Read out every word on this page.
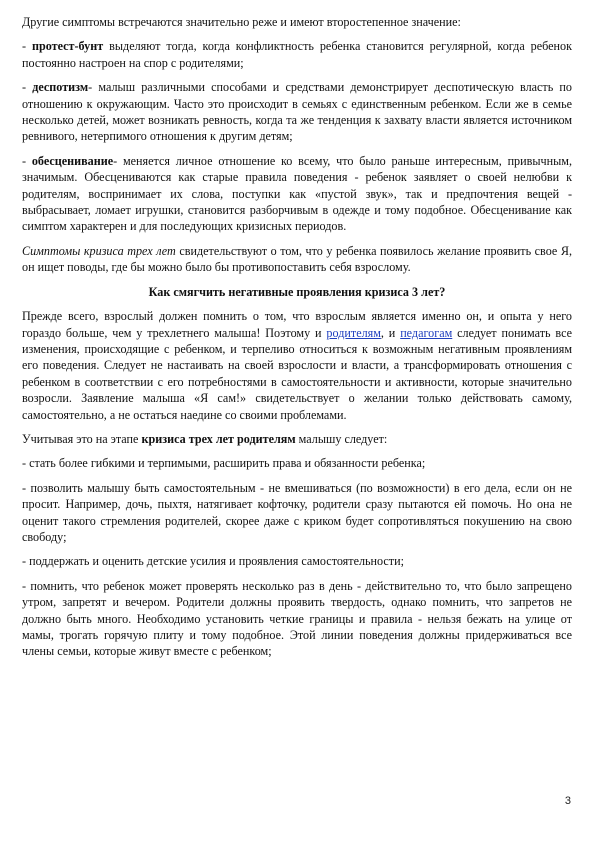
Другие симптомы встречаются значительно реже и имеют второстепенное значение:

- протест-бунт выделяют тогда, когда конфликтность ребенка становится регулярной, когда ребенок постоянно настроен на спор с родителями;

- деспотизм- малыш различными способами и средствами демонстрирует деспотическую власть по отношению к окружающим. Часто это происходит в семьях с единственным ребенком. Если же в семье несколько детей, может возникать ревность, когда та же тенденция к захвату власти является источником ревнивого, нетерпимого отношения к другим детям;

- обесценивание- меняется личное отношение ко всему, что было раньше интересным, привычным, значимым. Обесцениваются как старые правила поведения - ребенок заявляет о своей нелюбви к родителям, воспринимает их слова, поступки как «пустой звук», так и предпочтения вещей - выбрасывает, ломает игрушки, становится разборчивым в одежде и тому подобное. Обесценивание как симптом характерен и для последующих кризисных периодов.

Симптомы кризиса трех лет свидетельствуют о том, что у ребенка появилось желание проявить свое Я, он ищет поводы, где бы можно было бы противопоставить себя взрослому.

Как смягчить негативные проявления кризиса 3 лет?

Прежде всего, взрослый должен помнить о том, что взрослым является именно он, и опыта у него гораздо больше, чем у трехлетнего малыша! Поэтому и родителям, и педагогам следует понимать все изменения, происходящие с ребенком, и терпеливо относиться к возможным негативным проявлениям его поведения. Следует не настаивать на своей взрослости и власти, а трансформировать отношения с ребенком в соответствии с его потребностями в самостоятельности и активности, которые значительно возросли. Заявление малыша «Я сам!» свидетельствует о желании только действовать самому, самостоятельно, а не остаться наедине со своими проблемами.

Учитывая это на этапе кризиса трех лет родителям малышу следует:

- стать более гибкими и терпимыми, расширить права и обязанности ребенка;

- позволить малышу быть самостоятельным - не вмешиваться (по возможности) в его дела, если он не просит. Например, дочь, пыхтя, натягивает кофточку, родители сразу пытаются ей помочь. Но она не оценит такого стремления родителей, скорее даже с криком будет сопротивляться покушению на свою свободу;

- поддержать и оценить детские усилия и проявления самостоятельности;

- помнить, что ребенок может проверять несколько раз в день - действительно то, что было запрещено утром, запретят и вечером. Родители должны проявить твердость, однако помнить, что запретов не должно быть много. Необходимо установить четкие границы и правила - нельзя бежать на улице от мамы, трогать горячую плиту и тому подобное. Этой линии поведения должны придерживаться все члены семьи, которые живут вместе с ребенком;

3
